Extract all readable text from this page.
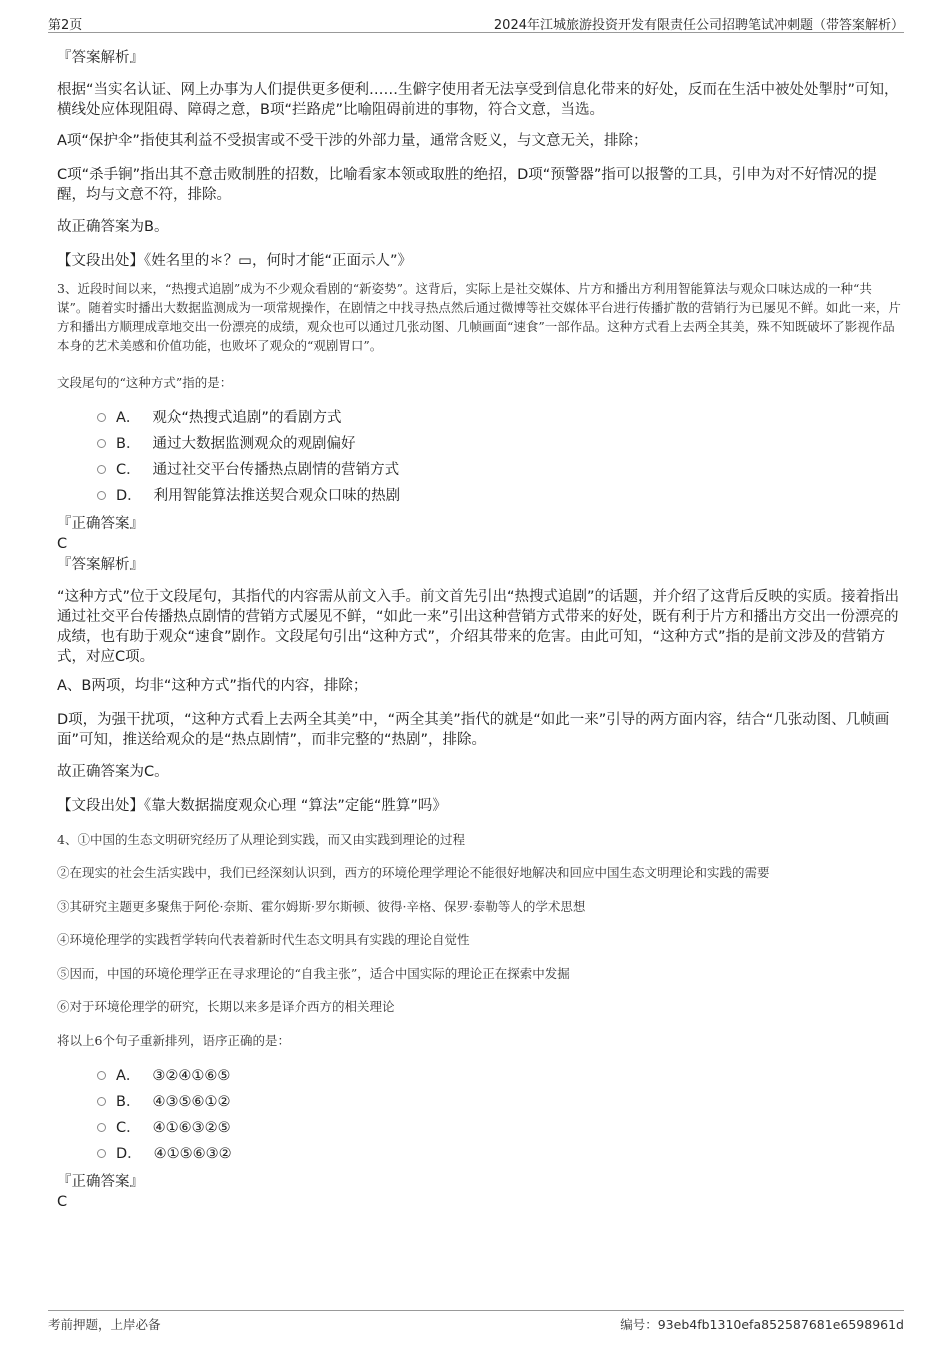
第2页	2024年江城旅游投资开发有限责任公司招聘笔试冲刺题（带答案解析）

『答案解析』

根据“当实名认证、网上办事为人们提供更多便利……生僻字使用者无法享受到信息化带来的好处，反而在生活中被处处掣肘”可知，横线处应体现阻碍、障碍之意，B项“拦路虎”比喻阻碍前进的事物，符合文意，当选。

A项“保护伞”指使其利益不受损害或不受干涉的外部力量，通常含贬义，与文意无关，排除；

C项“杀手锏”指出其不意击败制胜的招数，比喻看家本领或取胜的绝招，D项“预警器”指可以报警的工具，引申为对不好情况的提醒，均与文意不符，排除。

故正确答案为B。

【文段出处】《姓名里的＊？▭，何时才能“正面示人”》

3、近段时间以来，“热搜式追剧”成为不少观众看剧的“新姿势”。这背后，实际上是社交媒体、片方和播出方利用智能算法与观众口味达成的一种“共谋”。随着实时播出大数据监测成为一项常规操作，在剧情之中找寻热点然后通过微博等社交媒体平台进行传播扩散的营销行为已屡见不鲜。如此一来，片方和播出方顺理成章地交出一份漂亮的成绩，观众也可以通过几张动图、几帧画面“速食”一部作品。这种方式看上去两全其美，殊不知既破坏了影视作品本身的艺术美感和价值功能，也败坏了观众的“观剧胃口”。

文段尾句的“这种方式”指的是：

A． 观众“热搜式追剧”的看剧方式
B． 通过大数据监测观众的观剧偏好
C． 通过社交平台传播热点剧情的营销方式
D． 利用智能算法推送契合观众口味的热剧

『正确答案』

C

『答案解析』

“这种方式”位于文段尾句，其指代的内容需从前文入手。前文首先引出“热搜式追剧”的话题，并介绍了这背后反映的实质。接着指出通过社交平台传播热点剧情的营销方式屡见不鲜，“如此一来”引出这种营销方式带来的好处，既有利于片方和播出方交出一份漂亮的成绩，也有助于观众“速食”剧作。文段尾句引出“这种方式”，介绍其带来的危害。由此可知，“这种方式”指的是前文涉及的营销方式，对应C项。

A、B两项，均非“这种方式”指代的内容，排除；

D项，为强干扰项，“这种方式看上去两全其美”中，“两全其美”指代的就是“如此一来”引导的两方面内容，结合“几张动图、几帧画面”可知，推送给观众的是“热点剧情”，而非完整的“热剧”，排除。

故正确答案为C。

【文段出处】《靠大数据揣度观众心理 “算法”定能“胜算”吗》

4、①中国的生态文明研究经历了从理论到实践，而又由实践到理论的过程

②在现实的社会生活实践中，我们已经深刻认识到，西方的环境伦理学理论不能很好地解决和回应中国生态文明理论和实践的需要

③其研究主题更多聚焦于阿伦·奈斯、霍尔姆斯·罗尔斯顿、彼得·辛格、保罗·泰勒等人的学术思想

④环境伦理学的实践哲学转向代表着新时代生态文明具有实践的理论自觉性

⑤因而，中国的环境伦理学正在寻求理论的“自我主张”，适合中国实际的理论正在探索中发掘

⑥对于环境伦理学的研究，长期以来多是译介西方的相关理论

将以上6个句子重新排列，语序正确的是：

A． ③②④①⑥⑤
B． ④③⑤⑥①②
C． ④①⑥③②⑤
D． ④①⑤⑥③②

『正确答案』

C

考前押题，上岸必备	编号：93eb4fb1310efa852587681e6598961d
